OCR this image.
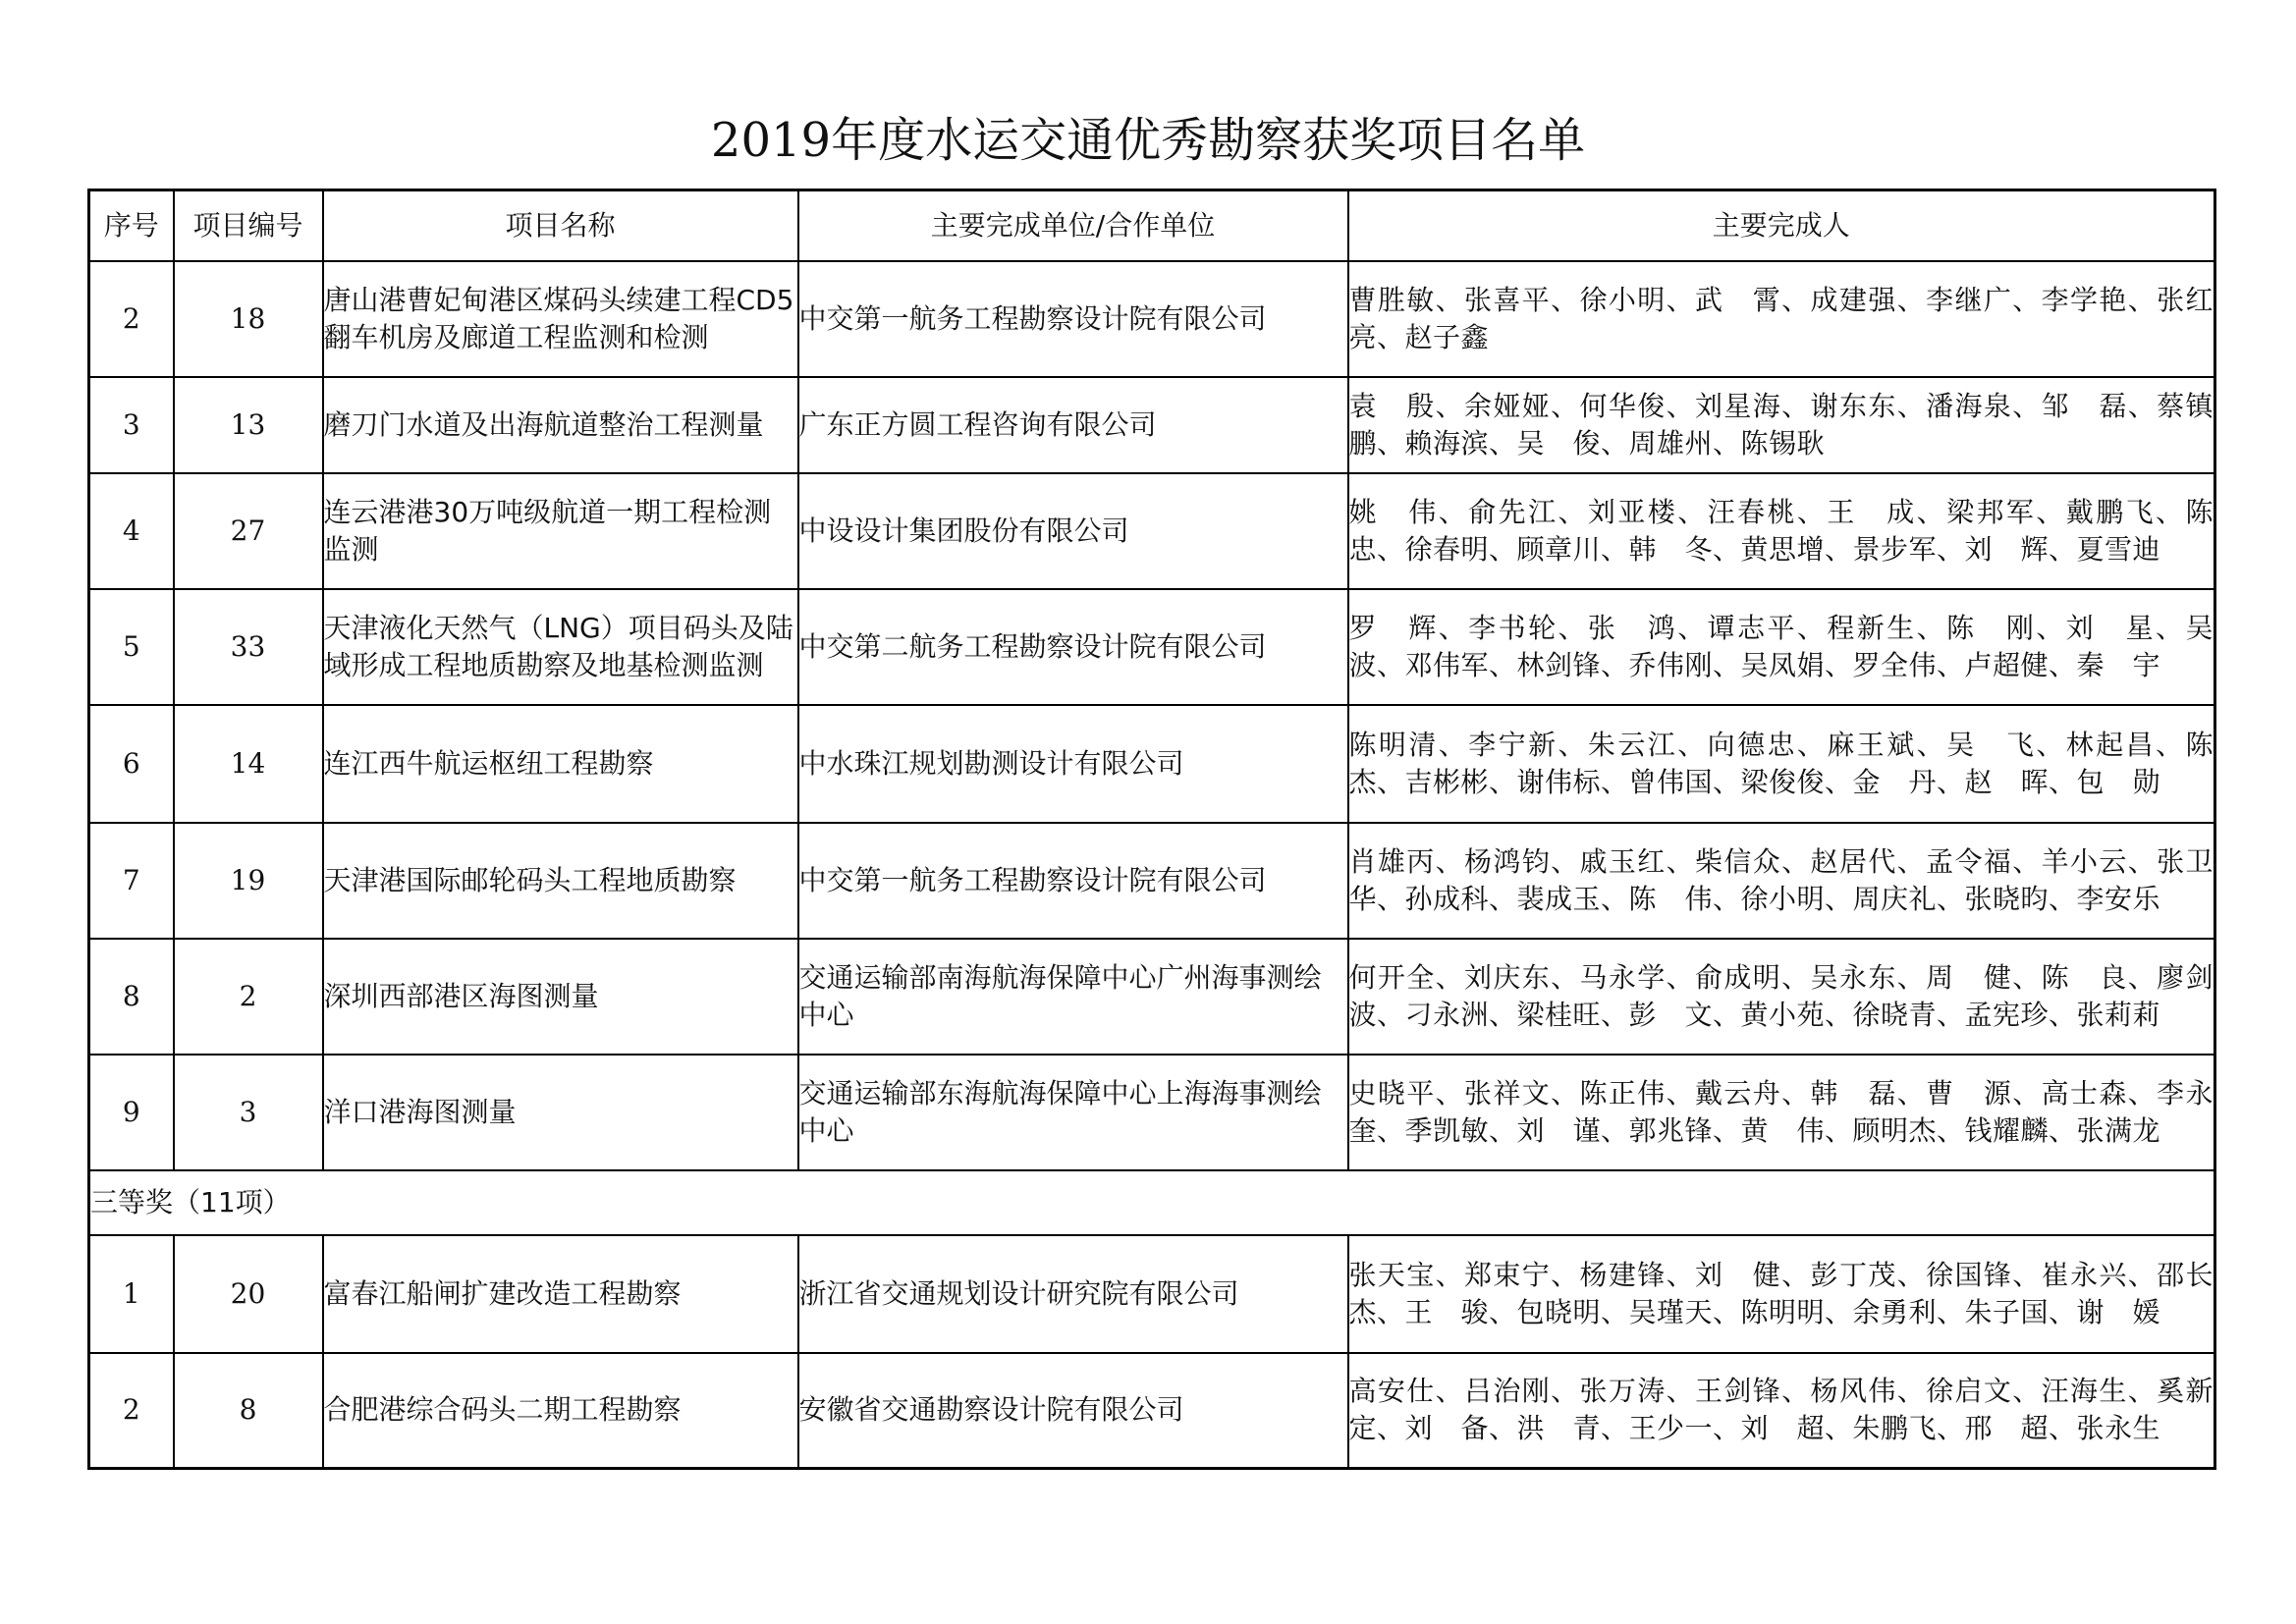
2019年度水运交通优秀勘察获奖项目名单
序号	项目编号	项目名称	主要完成单位/合作单位	主要完成人
2	18	唐山港曹妃甸港区煤码头续建工程CD5翻车机房及廊道工程监测和检测	中交第一航务工程勘察设计院有限公司	曹胜敏、张喜平、徐小明、武　霄、成建强、李继广、李学艳、张红亮、赵子鑫
3	13	磨刀门水道及出海航道整治工程测量	广东正方圆工程咨询有限公司	袁　殷、余娅娅、何华俊、刘星海、谢东东、潘海泉、邹　磊、蔡镇鹏、赖海滨、吴　俊、周雄州、陈锡耿
4	27	连云港港30万吨级航道一期工程检测监测	中设设计集团股份有限公司	姚　伟、俞先江、刘亚楼、汪春桃、王　成、梁邦军、戴鹏飞、陈　忠、徐春明、顾章川、韩　冬、黄思增、景步军、刘　辉、夏雪迪
5	33	天津液化天然气（LNG）项目码头及陆域形成工程地质勘察及地基检测监测	中交第二航务工程勘察设计院有限公司	罗　辉、李书轮、张　鸿、谭志平、程新生、陈　刚、刘　星、吴　波、邓伟军、林剑锋、乔伟刚、吴凤娟、罗全伟、卢超健、秦　宇
6	14	连江西牛航运枢纽工程勘察	中水珠江规划勘测设计有限公司	陈明清、李宁新、朱云江、向德忠、麻王斌、吴　飞、林起昌、陈　杰、吉彬彬、谢伟标、曾伟国、梁俊俊、金　丹、赵　晖、包　勋
7	19	天津港国际邮轮码头工程地质勘察	中交第一航务工程勘察设计院有限公司	肖雄丙、杨鸿钧、戚玉红、柴信众、赵居代、孟令福、羊小云、张卫华、孙成科、裴成玉、陈　伟、徐小明、周庆礼、张晓昀、李安乐
8	2	深圳西部港区海图测量	交通运输部南海航海保障中心广州海事测绘中心	何开全、刘庆东、马永学、俞成明、吴永东、周　健、陈　良、廖剑波、刁永洲、梁桂旺、彭　文、黄小苑、徐晓青、孟宪珍、张莉莉
9	3	洋口港海图测量	交通运输部东海航海保障中心上海海事测绘中心	史晓平、张祥文、陈正伟、戴云舟、韩　磊、曹　源、高士森、李永奎、季凯敏、刘　谨、郭兆锋、黄　伟、顾明杰、钱耀麟、张满龙
三等奖（11项）				
1	20	富春江船闸扩建改造工程勘察	浙江省交通规划设计研究院有限公司	张天宝、郑束宁、杨建锋、刘　健、彭丁茂、徐国锋、崔永兴、邵长杰、王　骏、包晓明、吴瑾天、陈明明、余勇利、朱子国、谢　媛
2	8	合肥港综合码头二期工程勘察	安徽省交通勘察设计院有限公司	高安仕、吕治刚、张万涛、王剑锋、杨风伟、徐启文、汪海生、奚新定、刘　备、洪　青、王少一、刘　超、朱鹏飞、邢　超、张永生
